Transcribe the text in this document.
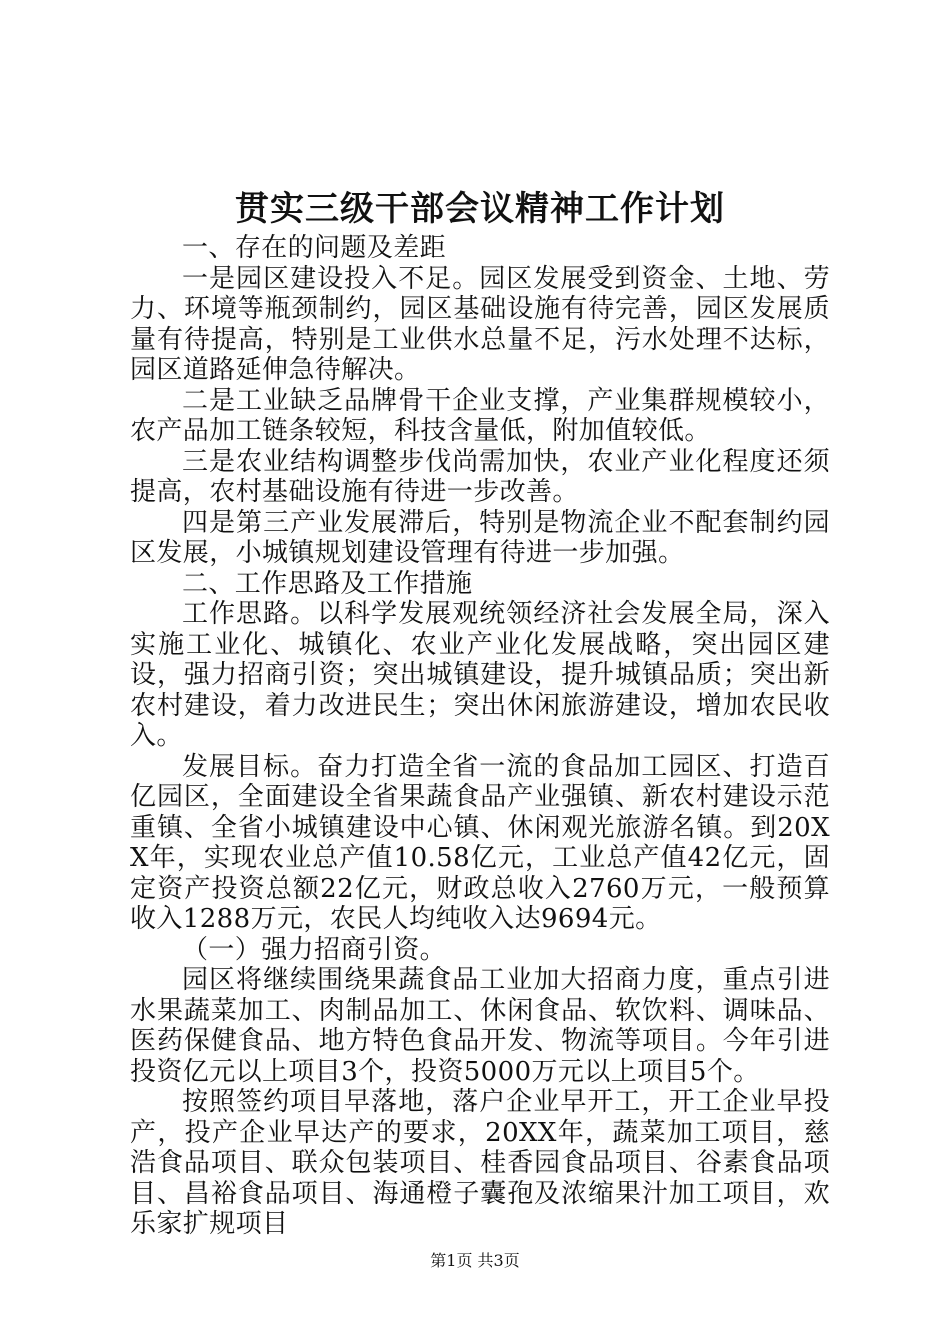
贯实三级干部会议精神工作计划

一、存在的问题及差距

一是园区建设投入不足。园区发展受到资金、土地、劳力、环境等瓶颈制约，园区基础设施有待完善，园区发展质量有待提高，特别是工业供水总量不足，污水处理不达标，园区道路延伸急待解决。

二是工业缺乏品牌骨干企业支撑，产业集群规模较小，农产品加工链条较短，科技含量低，附加值较低。

三是农业结构调整步伐尚需加快，农业产业化程度还须提高，农村基础设施有待进一步改善。

四是第三产业发展滞后，特别是物流企业不配套制约园区发展，小城镇规划建设管理有待进一步加强。

二、工作思路及工作措施

工作思路。以科学发展观统领经济社会发展全局，深入实施工业化、城镇化、农业产业化发展战略，突出园区建设，强力招商引资；突出城镇建设，提升城镇品质；突出新农村建设，着力改进民生；突出休闲旅游建设，增加农民收入。

发展目标。奋力打造全省一流的食品加工园区、打造百亿园区，全面建设全省果蔬食品产业强镇、新农村建设示范重镇、全省小城镇建设中心镇、休闲观光旅游名镇。到20XX年，实现农业总产值10.58亿元，工业总产值42亿元，固定资产投资总额22亿元，财政总收入2760万元，一般预算收入1288万元，农民人均纯收入达9694元。

（一）强力招商引资。

园区将继续围绕果蔬食品工业加大招商力度，重点引进水果蔬菜加工、肉制品加工、休闲食品、软饮料、调味品、医药保健食品、地方特色食品开发、物流等项目。今年引进投资亿元以上项目3个，投资5000万元以上项目5个。

按照签约项目早落地，落户企业早开工，开工企业早投产，投产企业早达产的要求，20XX年，蔬菜加工项目，慈浩食品项目、联众包装项目、桂香园食品项目、谷素食品项目、昌裕食品项目、海通橙子囊孢及浓缩果汁加工项目，欢乐家扩规项目

第1页 共3页
